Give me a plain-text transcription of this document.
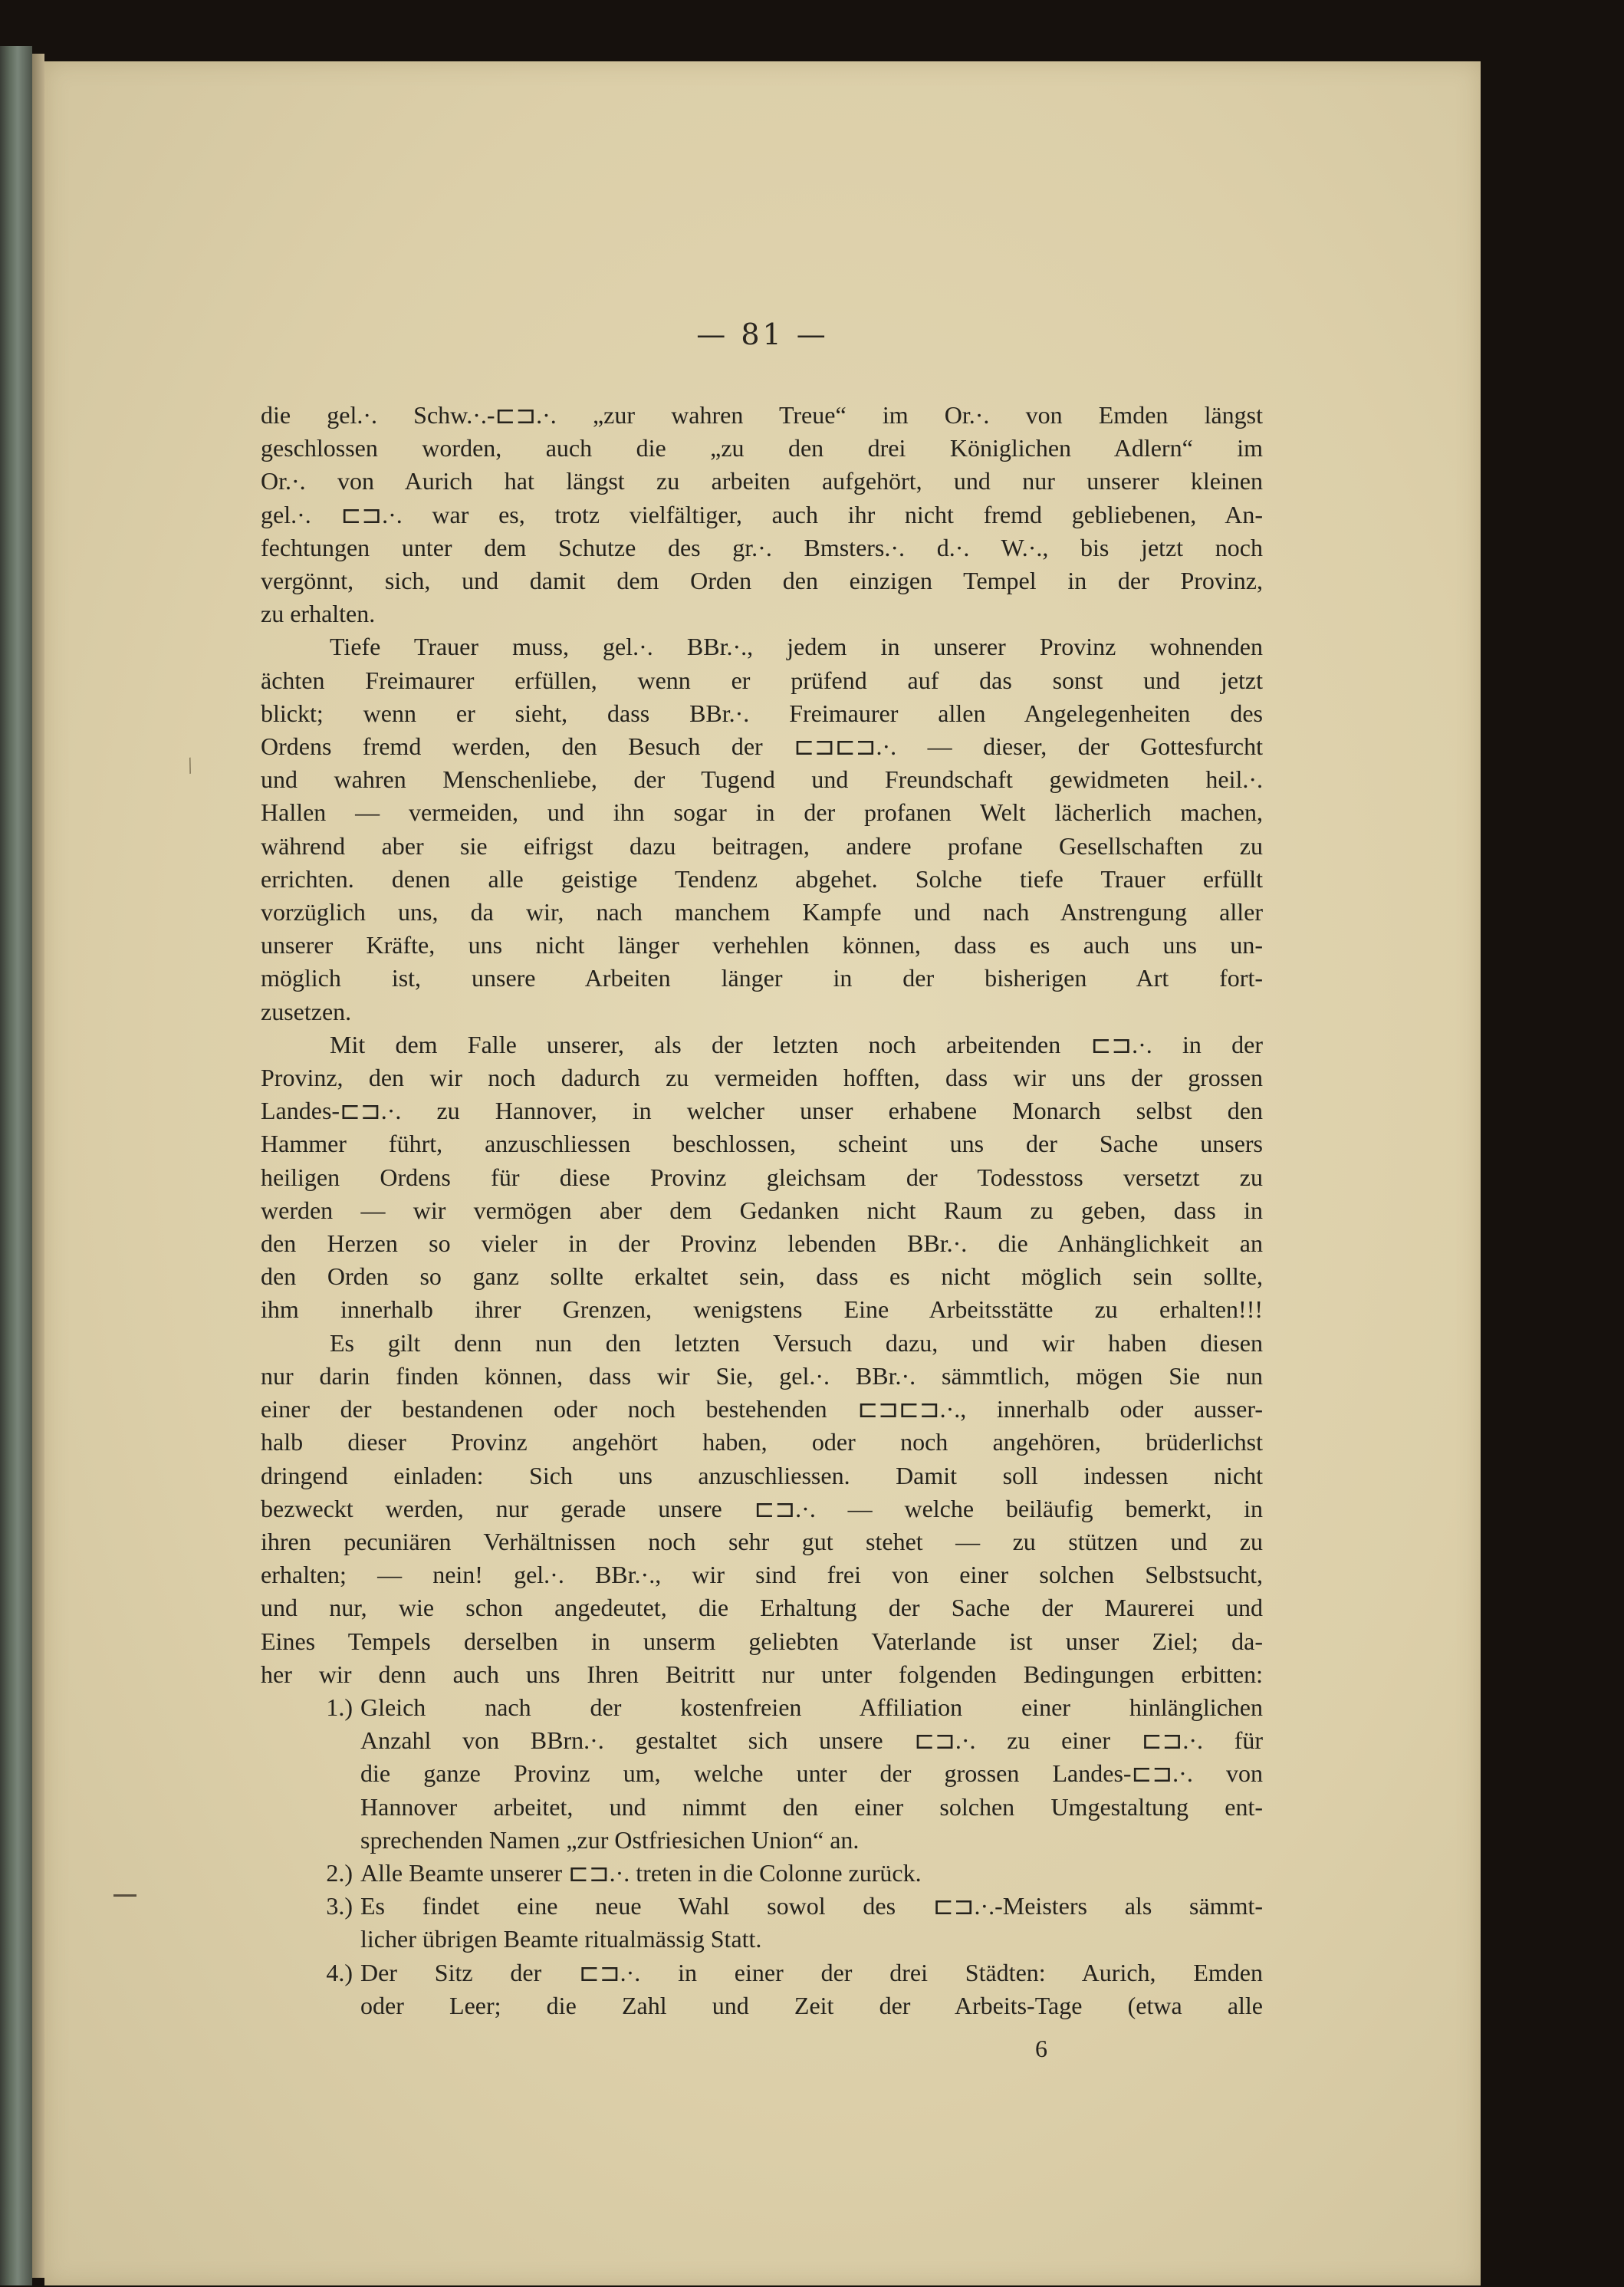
— 81 —
/

die gel.·. Schw.·.-⊏⊐.·. „zur wahren Treue“ im Or.·. von Emden längst

geschlossen worden, auch die „zu den drei Königlichen Adlern“ im

Or.·. von Aurich hat längst zu arbeiten aufgehört, und nur unserer kleinen

gel.·. ⊏⊐.·. war es, trotz vielfältiger, auch ihr nicht fremd gebliebenen, An-

fechtungen unter dem Schutze des gr.·. Bmsters.·. d.·. W.·., bis jetzt noch

vergönnt, sich, und damit dem Orden den einzigen Tempel in der Provinz,

zu erhalten.

Tiefe Trauer muss, gel.·. BBr.·., jedem in unserer Provinz wohnenden

ächten Freimaurer erfüllen, wenn er prüfend auf das sonst und jetzt

blickt; wenn er sieht, dass BBr.·. Freimaurer allen Angelegenheiten des

Ordens fremd werden, den Besuch der ⊏⊐⊏⊐.·. — dieser, der Gottesfurcht

und wahren Menschenliebe, der Tugend und Freundschaft gewidmeten heil.·.

Hallen — vermeiden, und ihn sogar in der profanen Welt lächerlich machen,

während aber sie eifrigst dazu beitragen, andere profane Gesellschaften zu

errichten. denen alle geistige Tendenz abgehet. Solche tiefe Trauer erfüllt

vorzüglich uns, da wir, nach manchem Kampfe und nach Anstrengung aller

unserer Kräfte, uns nicht länger verhehlen können, dass es auch uns un-

möglich ist, unsere Arbeiten länger in der bisherigen Art fort-

zusetzen.

Mit dem Falle unserer, als der letzten noch arbeitenden ⊏⊐.·. in der

Provinz, den wir noch dadurch zu vermeiden hofften, dass wir uns der grossen

Landes-⊏⊐.·. zu Hannover, in welcher unser erhabene Monarch selbst den

Hammer führt, anzuschliessen beschlossen, scheint uns der Sache unsers

heiligen Ordens für diese Provinz gleichsam der Todesstoss versetzt zu

werden — wir vermögen aber dem Gedanken nicht Raum zu geben, dass in

den Herzen so vieler in der Provinz lebenden BBr.·. die Anhänglichkeit an

den Orden so ganz sollte erkaltet sein, dass es nicht möglich sein sollte,

ihm innerhalb ihrer Grenzen, wenigstens Eine Arbeitsstätte zu erhalten!!!

Es gilt denn nun den letzten Versuch dazu, und wir haben diesen

nur darin finden können, dass wir Sie, gel.·. BBr.·. sämmtlich, mögen Sie nun

einer der bestandenen oder noch bestehenden ⊏⊐⊏⊐.·., innerhalb oder ausser-

halb dieser Provinz angehört haben, oder noch angehören, brüderlichst

dringend einladen: Sich uns anzuschliessen. Damit soll indessen nicht

bezweckt werden, nur gerade unsere ⊏⊐.·. — welche beiläufig bemerkt, in

ihren pecuniären Verhältnissen noch sehr gut stehet — zu stützen und zu

erhalten; — nein! gel.·. BBr.·., wir sind frei von einer solchen Selbstsucht,

und nur, wie schon angedeutet, die Erhaltung der Sache der Maurerei und

Eines Tempels derselben in unserm geliebten Vaterlande ist unser Ziel; da-

her wir denn auch uns Ihren Beitritt nur unter folgenden Bedingungen erbitten:

1.) Gleich nach der kostenfreien Affiliation einer hinlänglichen

Anzahl von BBrn.·. gestaltet sich unsere ⊏⊐.·. zu einer ⊏⊐.·. für

die ganze Provinz um, welche unter der grossen Landes-⊏⊐.·. von

Hannover arbeitet, und nimmt den einer solchen Umgestaltung ent-

sprechenden Namen „zur Ostfriesichen Union“ an.

2.) Alle Beamte unserer ⊏⊐.·. treten in die Colonne zurück.

3.) Es findet eine neue Wahl sowol des ⊏⊐.·.-Meisters als sämmt-

licher übrigen Beamte ritualmässig Statt.

4.) Der Sitz der ⊏⊐.·. in einer der drei Städten: Aurich, Emden

oder Leer; die Zahl und Zeit der Arbeits-Tage (etwa alle

6
